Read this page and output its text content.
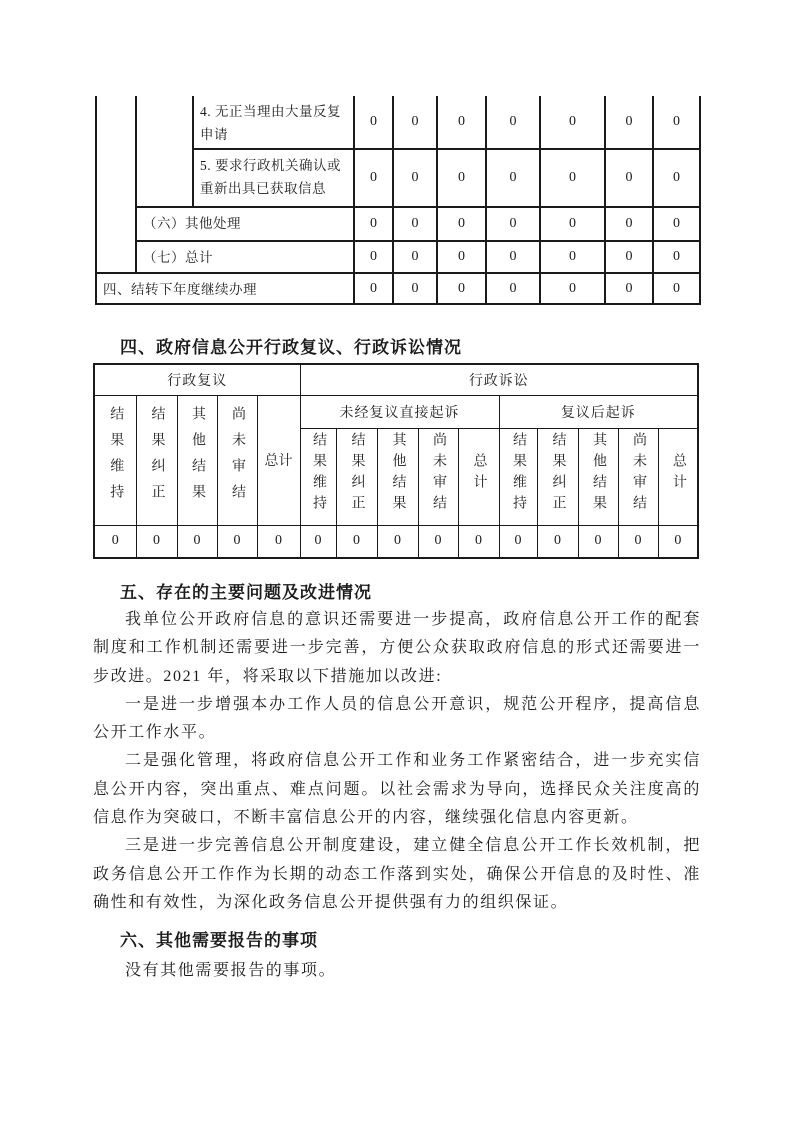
		4. 无正当理由大量反复申请	0	0	0	0	0	0	0
		5. 要求行政机关确认或重新出具已获取信息	0	0	0	0	0	0	0
	（六）其他处理		0	0	0	0	0	0	0
	（七）总计		0	0	0	0	0	0	0
四、结转下年度继续办理			0	0	0	0	0	0	0
四、政府信息公开行政复议、行政诉讼情况
行政复议					行政诉讼									
结果维持	结果纠正	其他结果	尚未审结	总计	未经复议直接起诉					复议后起诉				
					结果维持	结果纠正	其他结果	尚未审结	总计	结果维持	结果纠正	其他结果	尚未审结	总计
0	0	0	0	0	0	0	0	0	0	0	0	0	0	0
五、存在的主要问题及改进情况

我单位公开政府信息的意识还需要进一步提高，政府信息公开工作的配套制度和工作机制还需要进一步完善，方便公众获取政府信息的形式还需要进一步改进。2021 年，将采取以下措施加以改进:

一是进一步增强本办工作人员的信息公开意识，规范公开程序，提高信息公开工作水平。

二是强化管理，将政府信息公开工作和业务工作紧密结合，进一步充实信息公开内容，突出重点、难点问题。以社会需求为导向，选择民众关注度高的信息作为突破口，不断丰富信息公开的内容，继续强化信息内容更新。

三是进一步完善信息公开制度建设，建立健全信息公开工作长效机制，把政务信息公开工作作为长期的动态工作落到实处，确保公开信息的及时性、准确性和有效性，为深化政务信息公开提供强有力的组织保证。

六、其他需要报告的事项

没有其他需要报告的事项。
